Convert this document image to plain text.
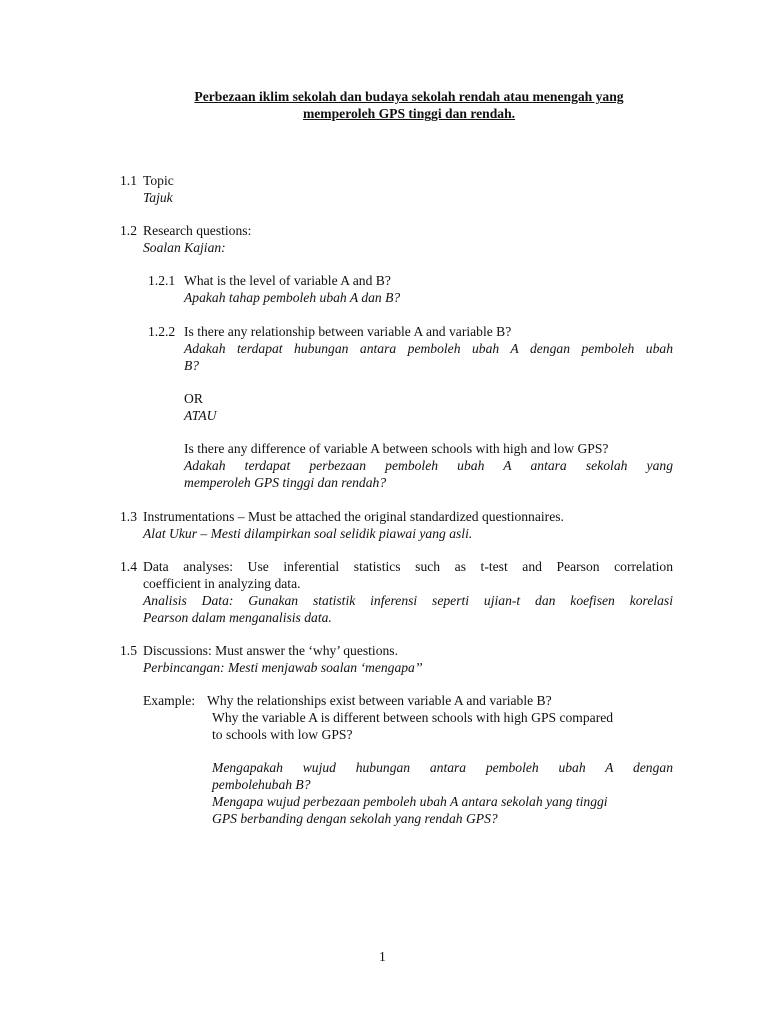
Perbezaan iklim sekolah dan budaya sekolah rendah atau menengah yang
memperoleh GPS tinggi dan rendah.
1.1 Topic
Tajuk
1.2 Research questions:
Soalan Kajian:
1.2.1 What is the level of variable A and B?
Apakah tahap pemboleh ubah A dan B?
1.2.2 Is there any relationship between variable A and variable B?
Adakah terdapat hubungan antara pemboleh ubah A dengan pemboleh ubah
B?
OR
ATAU
Is there any difference of variable A between schools with high and low GPS?
Adakah terdapat perbezaan pemboleh ubah A antara sekolah yang
memperoleh GPS tinggi dan rendah?
1.3 Instrumentations – Must be attached the original standardized questionnaires.
Alat Ukur – Mesti dilampirkan soal selidik piawai yang asli.
1.4 Data analyses: Use inferential statistics such as t-test and Pearson correlation
coefficient in analyzing data.
Analisis Data: Gunakan statistik inferensi seperti ujian-t dan koefisen korelasi
Pearson dalam menganalisis data.
1.5 Discussions: Must answer the ‘why’ questions.
Perbincangan: Mesti menjawab soalan ‘mengapa’’
Example: Why the relationships exist between variable A and variable B?
Why the variable A is different between schools with high GPS compared
to schools with low GPS?
Mengapakah wujud hubungan antara pemboleh ubah A dengan
pembolehubah B?
Mengapa wujud perbezaan pemboleh ubah A antara sekolah yang tinggi
GPS berbanding dengan sekolah yang rendah GPS?
1
